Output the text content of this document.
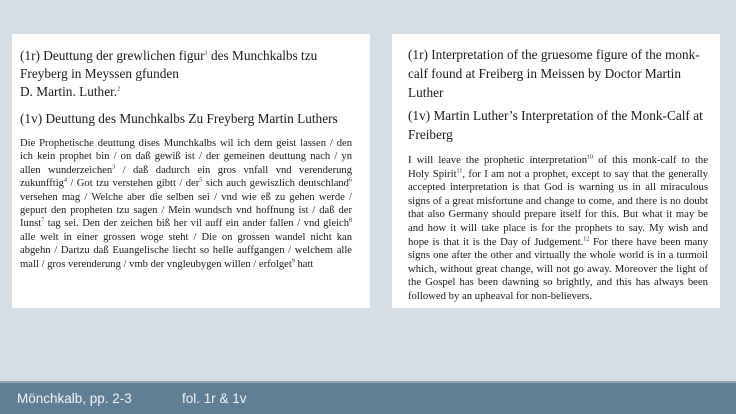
(1r) Deuttung der grewlichen figur$^1$ des Munchkalbs tzu Freyberg in Meyssen gfunden
D. Martin. Luther.$^2$
(1v) Deuttung des Munchkalbs Zu Freyberg Martin Luthers
Die Prophetische deuttung dises Munchkalbs wil ich dem geist lassen / den ich kein prophet bin / on daß gewiß ist / der gemeinen deuttung nach / yn allen wunderzeichen$^3$ / daß dadurch ein gros vnfall vnd verenderung zukunfftig$^4$ / Got tzu verstehen gibtt / der$^5$ sich auch gewiszlich deutschland$^6$ versehen mag / Welche aber die selben sei / vnd wie eß zu gehen werde / gepurt den propheten tzu sagen / Mein wundsch vnd hoffnung ist / daß der Iunst$^7$ tag sei. Den der zeichen biß her vil auff ein ander fallen / vnd gleich$^8$ alle welt in einer grossen woge steht / Die on grossen wandel nicht kan abgehn / Dartzu daß Euangelische liecht so helle auffgangen / welchem alle mall / gros verenderung / vmb der vngleubygen willen / erfolget$^9$ hatt
(1r) Interpretation of the gruesome figure of the monk-calf found at Freiberg in Meissen by Doctor Martin Luther
(1v) Martin Luther’s Interpretation of the Monk-Calf at Freiberg
I will leave the prophetic interpretation$^{10}$ of this monk-calf to the Holy Spirit$^{11}$, for I am not a prophet, except to say that the generally accepted interpretation is that God is warning us in all miraculous signs of a great misfortune and change to come, and there is no doubt that also Germany should prepare itself for this. But what it may be and how it will take place is for the prophets to say. My wish and hope is that it is the Day of Judgement.$^{12}$ For there have been many signs one after the other and virtually the whole world is in a turmoil which, without great change, will not go away. Moreover the light of the Gospel has been dawning so brightly, and this has always been followed by an upheaval for non-believers.
Mönchkalb, pp. 2-3	fol. 1r & 1v
